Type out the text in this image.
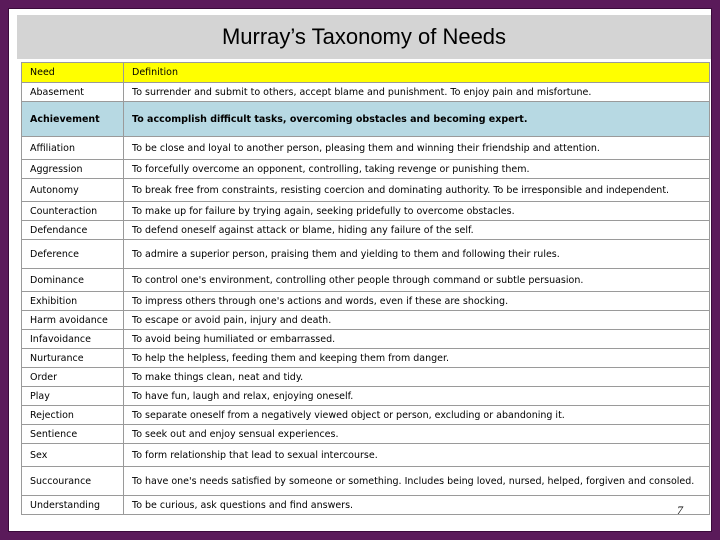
Murray’s Taxonomy of Needs
Need	Definition
Abasement	To surrender and submit to others, accept blame and punishment. To enjoy pain and misfortune.
Achievement	To accomplish difficult tasks, overcoming obstacles and becoming expert.
Affiliation	To be close and loyal to another person, pleasing them and winning their friendship and attention.
Aggression	To forcefully overcome an opponent, controlling, taking revenge or punishing them.
Autonomy	To break free from constraints, resisting coercion and dominating authority. To be irresponsible and independent.
Counteraction	To make up for failure by trying again, seeking pridefully to overcome obstacles.
Defendance	To defend oneself against attack or blame, hiding any failure of the self.
Deference	To admire a superior person, praising them and yielding to them and following their rules.
Dominance	To control one's environment, controlling other people through command or subtle persuasion.
Exhibition	To impress others through one's actions and words, even if these are shocking.
Harm avoidance	To escape or avoid pain, injury and death.
Infavoidance	To avoid being humiliated or embarrassed.
Nurturance	To help the helpless, feeding them and keeping them from danger.
Order	To make things clean, neat and tidy.
Play	To have fun, laugh and relax, enjoying oneself.
Rejection	To separate oneself from a negatively viewed object or person, excluding or abandoning it.
Sentience	To seek out and enjoy sensual experiences.
Sex	To form relationship that lead to sexual intercourse.
Succourance	To have one's needs satisfied by someone or something. Includes being loved, nursed, helped, forgiven and consoled.
Understanding	To be curious, ask questions and find answers.	7
